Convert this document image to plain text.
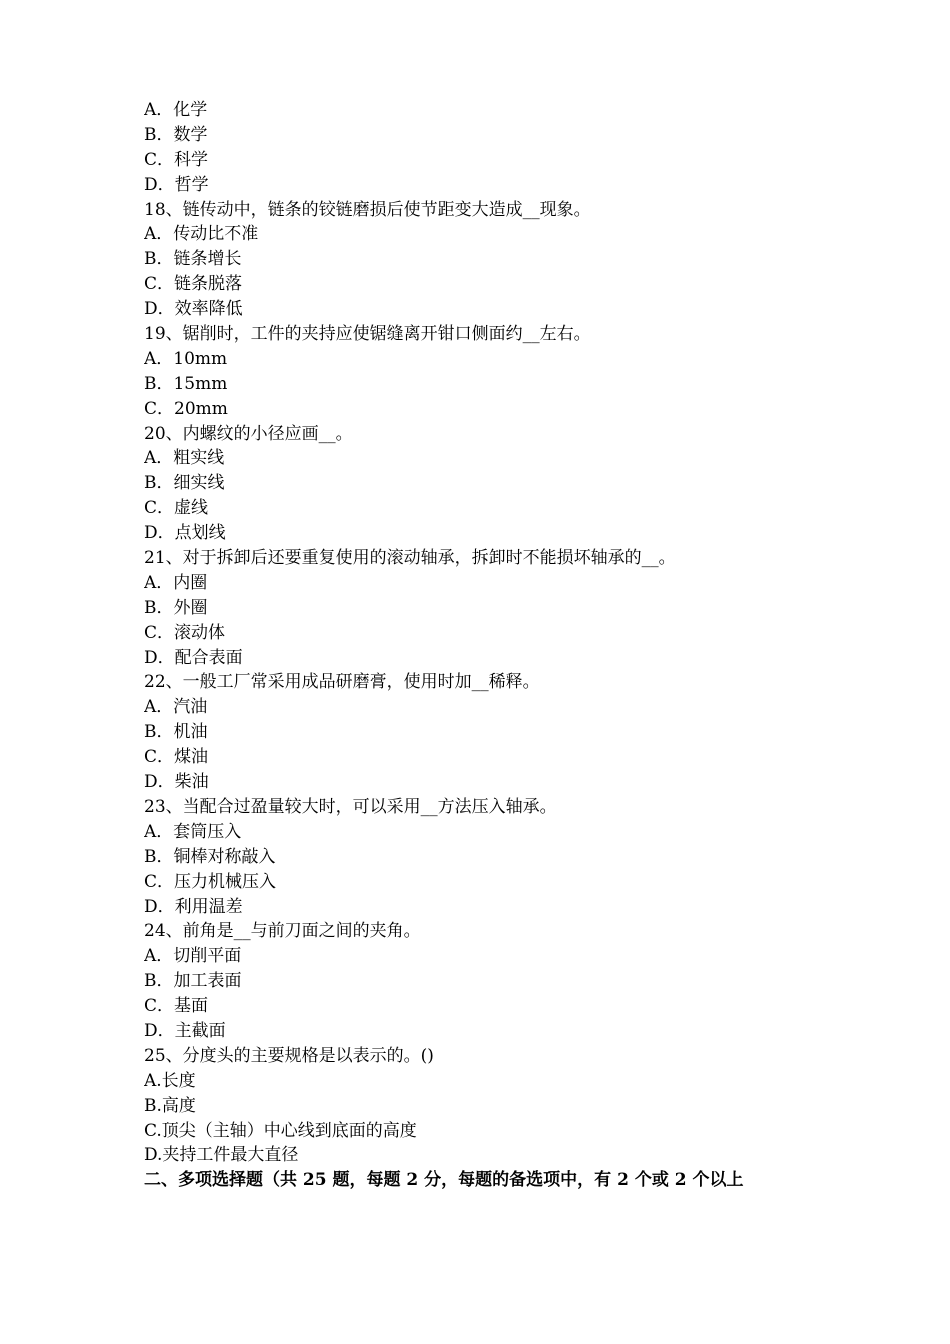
A．化学
B．数学
C．科学
D．哲学
18、链传动中，链条的铰链磨损后使节距变大造成__现象。
A．传动比不准
B．链条增长
C．链条脱落
D．效率降低
19、锯削时，工件的夹持应使锯缝离开钳口侧面约__左右。
A．10mm
B．15mm
C．20mm
20、内螺纹的小径应画__。
A．粗实线
B．细实线
C．虚线
D．点划线
21、对于拆卸后还要重复使用的滚动轴承，拆卸时不能损坏轴承的__。
A．内圈
B．外圈
C．滚动体
D．配合表面
22、一般工厂常采用成品研磨膏，使用时加__稀释。
A．汽油
B．机油
C．煤油
D．柴油
23、当配合过盈量较大时，可以采用__方法压入轴承。
A．套筒压入
B．铜棒对称敲入
C．压力机械压入
D．利用温差
24、前角是__与前刀面之间的夹角。
A．切削平面
B．加工表面
C．基面
D．主截面
25、分度头的主要规格是以表示的。()
A.长度
B.高度
C.顶尖（主轴）中心线到底面的高度
D.夹持工件最大直径
二、多项选择题（共 25 题，每题 2 分，每题的备选项中，有 2 个或 2 个以上
